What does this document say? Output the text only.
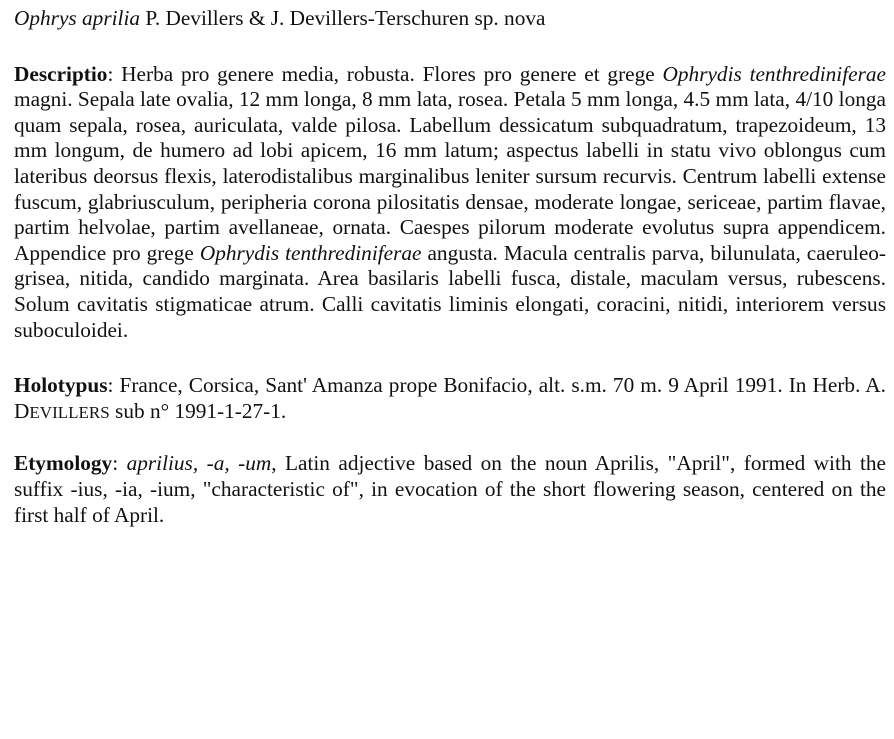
Ophrys aprilia P. Devillers & J. Devillers-Terschuren sp. nova

Descriptio: Herba pro genere media, robusta. Flores pro genere et grege Ophrydis tenthrediniferae magni. Sepala late ovalia, 12 mm longa, 8 mm lata, rosea. Petala 5 mm longa, 4.5 mm lata, 4/10 longa quam sepala, rosea, auriculata, valde pilosa. Labellum dessicatum subquadratum, trapezoideum, 13 mm longum, de humero ad lobi apicem, 16 mm latum; aspectus labelli in statu vivo oblongus cum lateribus deorsus flexis, laterodistalibus marginalibus leniter sursum recurvis. Centrum labelli extense fuscum, glabriusculum, peripheria corona pilositatis densae, moderate longae, sericeae, partim flavae, partim helvolae, partim avellaneae, ornata. Caespes pilorum moderate evolutus supra appendicem. Appendice pro grege Ophrydis tenthrediniferae angusta. Macula centralis parva, bilunulata, caeruleo-grisea, nitida, candido marginata. Area basilaris labelli fusca, distale, maculam versus, rubescens. Solum cavitatis stigmaticae atrum. Calli cavitatis liminis elongati, coracini, nitidi, interiorem versus suboculoidei.

Holotypus: France, Corsica, Sant' Amanza prope Bonifacio, alt. s.m. 70 m. 9 April 1991. In Herb. A. DEVILLERS sub n° 1991-1-27-1.

Etymology: aprilius, -a, -um, Latin adjective based on the noun Aprilis, "April", formed with the suffix -ius, -ia, -ium, "characteristic of", in evocation of the short flowering season, centered on the first half of April.
